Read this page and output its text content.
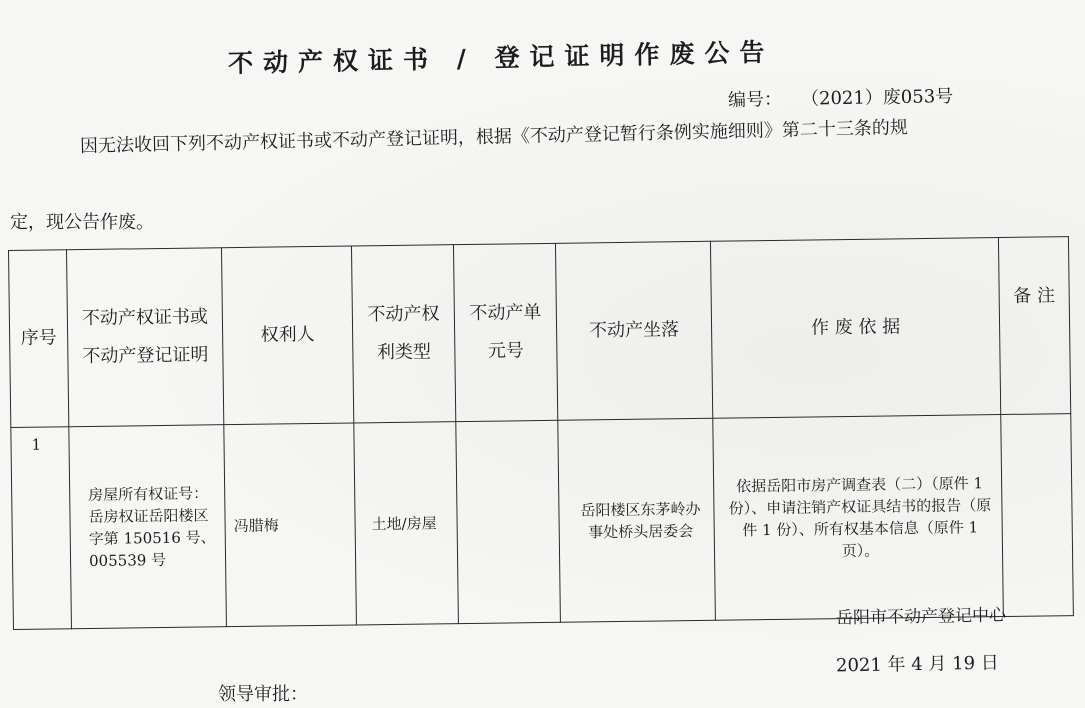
不动产权证书 / 登记证明作废公告
编号： （2021）废053号
因无法收回下列不动产权证书或不动产登记证明，根据《不动产登记暂行条例实施细则》第二十三条的规
定，现公告作废。
序号	不动产权证书或不动产登记证明	权利人	不动产权利类型	不动产单元号	不动产坐落	作 废 依 据	备 注
1	房屋所有权证号：岳房权证岳阳楼区字第 150516 号、005539 号	冯腊梅	土地/房屋		岳阳楼区东茅岭办事处桥头居委会	依据岳阳市房产调查表（二）（原件 1 份）、申请注销产权证具结书的报告（原件 1 份）、所有权基本信息（原件 1 页）。	
岳阳市不动产登记中心
2021 年 4 月 19 日
领导审批：
